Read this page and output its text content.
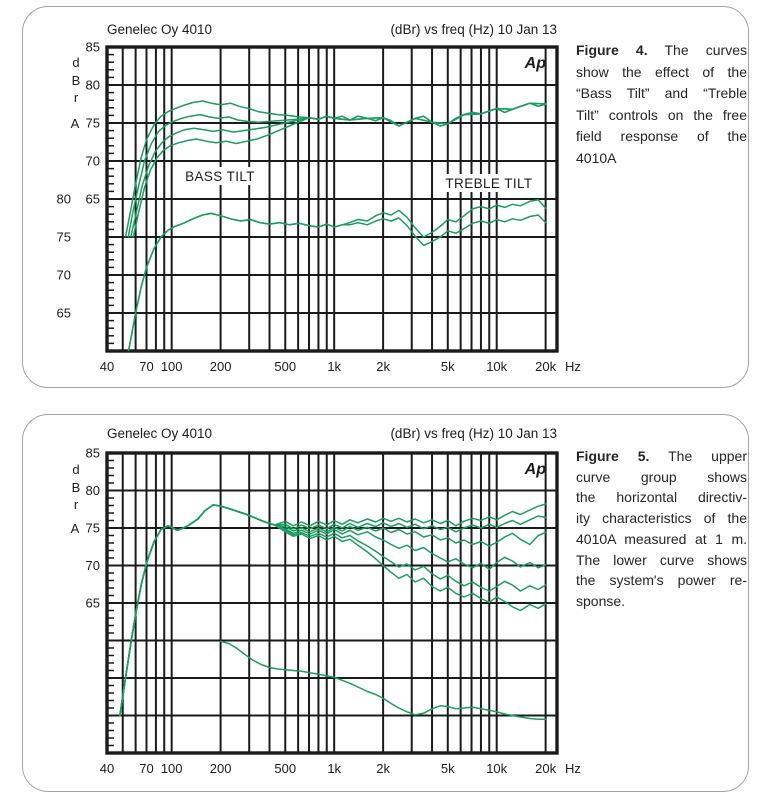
85
80
75
70
65
80
75
70
65
40 70 100 200	500 1k	2k	5k 10k 20k
BASS TILT	TREBLE TILT
85
80
75
70
65
40 70 100 200	500 1k	2k	5k 10k 20k
Genelec Oy 4010	(dBr) vs freq (Hz) 10 Jan 13
Ap
Hz
d
B
r
A
Genelec Oy 4010	(dBr) vs freq (Hz) 10 Jan 13
Ap
Hz
d
B
r
A
Figure 4. The curves
show the effect of the
“Bass Tilt” and “Treble
Tilt” controls on the free
field response of the
4010A
Figure 5. The upper
curve group shows
the horizontal directiv-
ity characteristics of the
4010A measured at 1 m.
The lower curve shows
the system's power re-
sponse.
